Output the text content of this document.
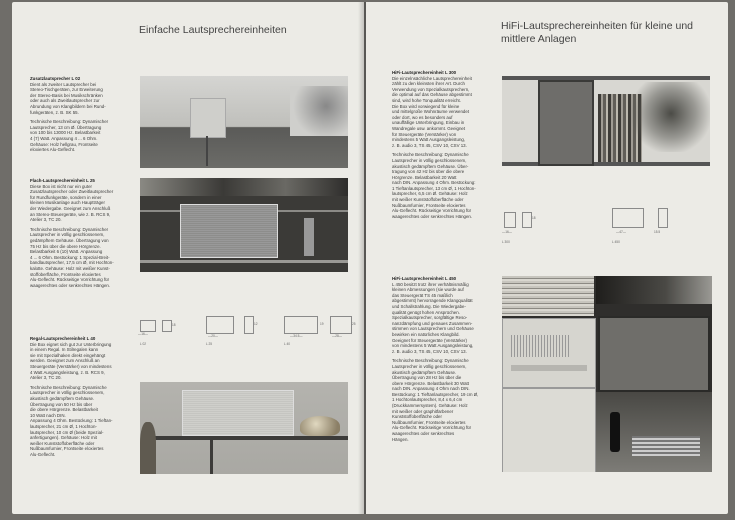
Einfache Lautsprechereinheiten

Zusatzlautsprecher L 02
Dient als zweiter Lautsprecher bei
Stereo-Tischgeräten, zur Erweiterung
der Stereo-Basis bei Musikschränken
oder auch als Zweitlautsprecher zur
Abrundung von Klangbildern bei Rund-
funkgeräten, z. B. SK 55.

Technische Beschreibung: Dynamischer
Lautsprecher, 13 cm Ø. Übertragung
von 100 bis 13000 Hz. Belastbarkeit
4 (7) Watt. Anpassung 4 ... 6 Ohm.
Gehäuse: Holz hellgrau, Frontseite
eloxiertes Alu-Geflecht.

Flach-Lautsprechereinheit L 25
Diese Box ist nicht nur ein guter
Zusatzlautsprecher oder Zweitlautsprecher
für Rundfunkgeräte, sondern in einer
kleinen Musikanlage auch Hauptträger
der Wiedergabe. Geeignet zum Anschluß
an Stereo-Steuergeräte, wie z. B. RCS 9,
Atelier 3, TC 20.

Technische Beschreibung: Dynamischer
Lautsprecher in völlig geschlossenem,
gedämpftem Gehäuse. Übertragung von
75 Hz bis über die obere Hörgrenze.
Belastbarkeit 6 (10) Watt. Anpassung
4 ... 6 Ohm. Bestückung: 1 Spezial-Breit-
bandlautsprecher, 17,5 cm Ø, mit Hochton-
kalotte. Gehäuse: Holz mit weißer Kunst-
stoffoberfläche, Frontseite eloxiertes
Alu-Geflecht. Rückseitige Vorrichtung für
waagerechtes oder senkrechtes Hängen.

—16—
18
—20—
12
—34.5—
19
—28—
25
L 02	L 25	L 40

Regal-Lautsprechereinheit L 40
Die Box eignet sich gut zur Unterbringung
in einem Regal. In Stilregalen kann
sie mit Spezialhaken direkt eingehängt
werden. Geeignet zum Anschluß an
Steuergeräte (Verstärker) von mindestens
4 Watt Ausgangsleistung, z. B. RCS 9,
Atelier 3, TC 20.

Technische Beschreibung: Dynamische
Lautsprecher in völlig geschlossenem,
akustisch gedämpftem Gehäuse.
Übertragung von 50 Hz bis über
die obere Hörgrenze. Belastbarkeit
10 Watt nach DIN.
Anpassung 4 Ohm. Bestückung: 1 Tieftan-
lautsprecher, 21 cm Ø, 1 Hochton-
lautsprecher, 10 cm Ø (beide Spezial-
anfertigungen). Gehäuse: Holz mit
weißer Kunststoffoberfläche oder
Nußbaumfurnier, Frontseite eloxiertes
Alu-Geflecht.

HiFi-Lautsprechereinheiten für kleine und
mittlere Anlagen

HiFi-Lautsprechereinheit L 300
Die einzelnsächliche Lautsprechereinheit
zählt zu den kleinsten ihrer Art. Durch
Verwendung von Spezialkautsprechern,
die optimal auf das Gehäuse abgestimmt
sind, wird hohe Tonqualität erreicht.
Die Box wird vorwiegend für kleine
und mittelgroße Wohnräume verwendet
oder dort, wo es besonders auf
unauffällige Unterbringung, Einbau in
Wandregale usw. ankommt. Geeignet
für Steuergeräte (Verstärker) von
mindestens 5 Watt Ausgangsleistung,
z. B. audio 3, TS 45, CSV 10, CSV 13.

Technische Beschreibung: Dynamische
Lautsprecher in völlig geschlossenem,
akustisch gedämpftem Gehäuse. Über-
tragung von 42 Hz bis über die obere
Hörgrenze. Belastbarkeit 20 Watt
nach DIN. Anpassung 4 Ohm. Bestückung:
1 Tieftanlautsprecher, 13 cm Ø, 1 Hochton-
lautsprecher, 6,5 cm Ø. Gehäuse: Holz
mit weißer Kunststoffoberfläche oder
Nußbaumfurnier, Frontseite eloxiertes
Alu-Geflecht. Rückseitige Vorrichtung für
waagerechtes oder senkrechtes Hängen.

—16—
18
—47—	15.5
L 300	L 450

HiFi-Lautsprechereinheit L 450
L 450 besitzt trotz ihrer verhältnismäßig
kleinen Abmessungen (sie wurde auf
das Steuergerät TS 45 maßlich
abgestimmt) hervorragende Klangqualität
und Schallstrahlung. Die Wiedergabe-
qualität genügt hohen Ansprüchen.
Spezialkautsprecher, sorgfältige Reso-
nanzdämpfung und genaues Zusammen-
stimmen von Lautsprechern und Gehäuse
bewirken ein natürliches Klangbild.
Geeignet für Steuergeräte (Verstärker)
von mindestens 5 Watt Ausgangsleistung,
z. B. audio 3, TS 45, CSV 10, CSV 13.

Technische Beschreibung: Dynamische
Lautsprecher in völlig geschlossenem,
akustisch gedämpftem Gehäuse.
Übertragung von 28 Hz bis über die
obere Hörgrenze. Belastbarkeit 30 Watt
nach DIN. Anpassung 4 Ohm nach DIN.
Bestückung: 1 Tieftanlautsprecher, 19 cm Ø,
1 Hochtonlautsprecher, 8,4 x 6,4 cm
(Druckkammersystem). Gehäuse: Holz
mit weißer oder graphitfarbener
Kunststoffoberfläche oder
Nußbaumfurnier, Frontseite eloxiertes
Alu-Geflecht. Rückseitige Vorrichtung für
waagerechtes oder senkrechtes
Hängen.
